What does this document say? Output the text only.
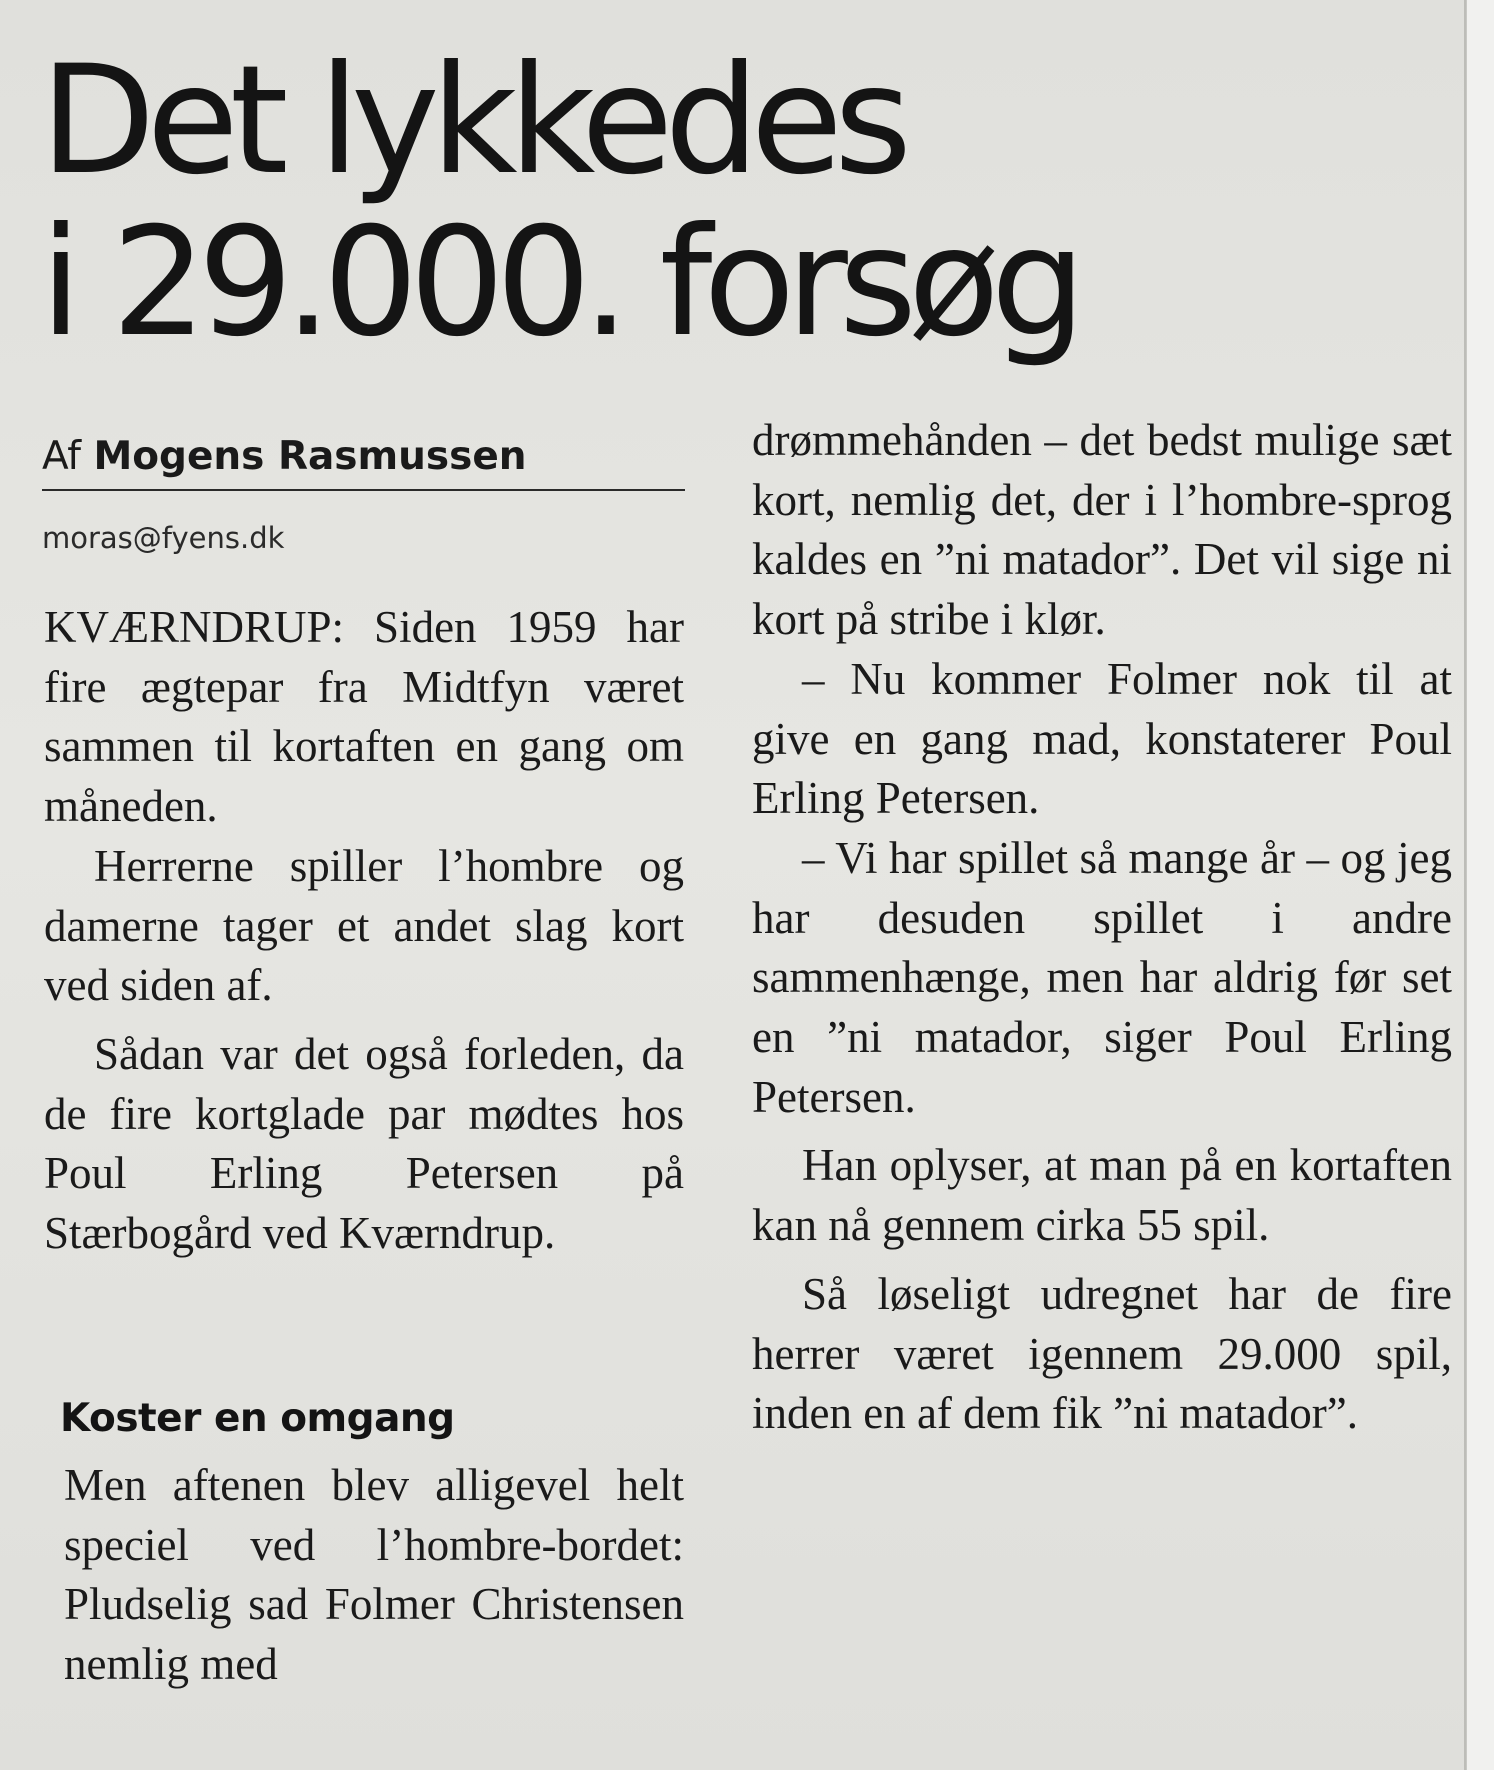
Det lykkedes
i 29.000. forsøg
Af Mogens Rasmussen
moras@fyens.dk

KVÆRNDRUP: Siden 1959 har fire ægtepar fra Midtfyn været sammen til kortaften en gang om måneden.

Herrerne spiller l’hombre og damerne tager et andet slag kort ved siden af.

Sådan var det også forleden, da de fire kortglade par mødtes hos Poul Erling Petersen på Stærbogård ved Kværndrup.

Koster en omgang

Men aftenen blev alligevel helt speciel ved l’hombre-bordet: Pludselig sad Folmer Christensen nemlig med

drømmehånden – det bedst mulige sæt kort, nemlig det, der i l’hombre-sprog kaldes en ”ni matador”. Det vil sige ni kort på stribe i klør.

– Nu kommer Folmer nok til at give en gang mad, konstaterer Poul Erling Petersen.

– Vi har spillet så mange år – og jeg har desuden spillet i andre sammenhænge, men har aldrig før set en ”ni matador, siger Poul Erling Petersen.

Han oplyser, at man på en kortaften kan nå gennem cirka 55 spil.

Så løseligt udregnet har de fire herrer været igennem 29.000 spil, inden en af dem fik ”ni matador”.
